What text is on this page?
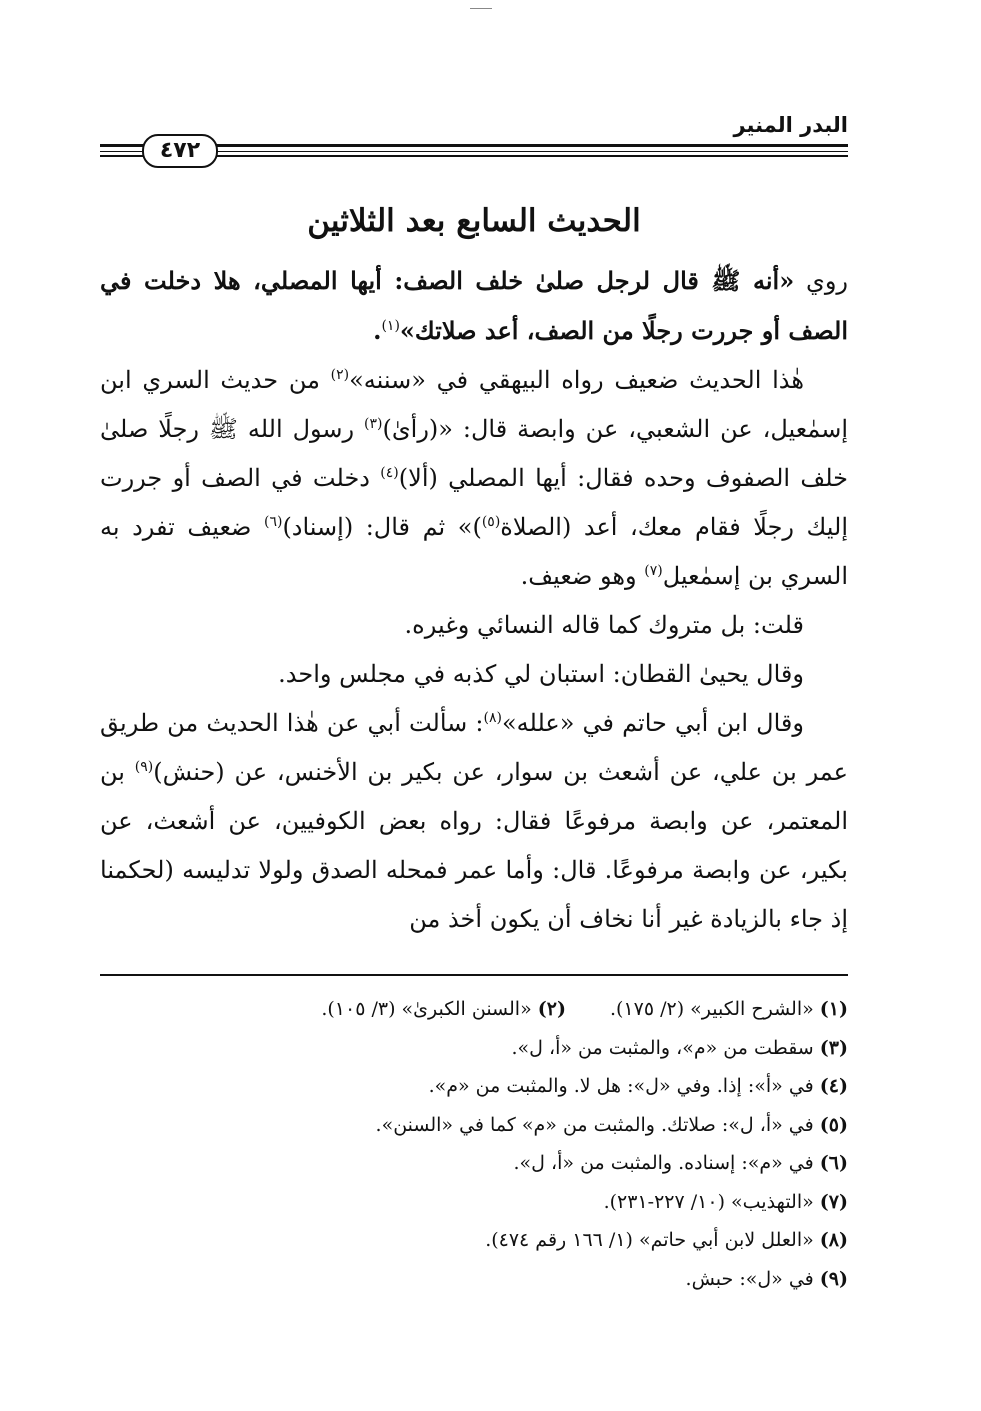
البدر المنير
٤٧٢
الحديث السابع بعد الثلاثين

روي «أنه ﷺ قال لرجل صلىٰ خلف الصف: أيها المصلي، هلا دخلت في الصف أو جررت رجلًا من الصف، أعد صلاتك»$^{(١)}$.

هٰذا الحديث ضعيف رواه البيهقي في «سننه»$^{(٢)}$ من حديث السري ابن إسمٰعيل، عن الشعبي، عن وابصة قال: «(رأىٰ)$^{(٣)}$ رسول الله ﷺ رجلًا صلىٰ خلف الصفوف وحده فقال: أيها المصلي (ألا)$^{(٤)}$ دخلت في الصف أو جررت إليك رجلًا فقام معك، أعد (الصلاة$^{(٥)}$)» ثم قال: (إسناد)$^{(٦)}$ ضعيف تفرد به السري بن إسمٰعيل$^{(٧)}$ وهو ضعيف.

قلت: بل متروك كما قاله النسائي وغيره.

وقال يحيىٰ القطان: استبان لي كذبه في مجلس واحد.

وقال ابن أبي حاتم في «علله»$^{(٨)}$: سألت أبي عن هٰذا الحديث من طريق عمر بن علي، عن أشعث بن سوار، عن بكير بن الأخنس، عن (حنش)$^{(٩)}$ بن المعتمر، عن وابصة مرفوعًا فقال: رواه بعض الكوفيين، عن أشعث، عن بكير، عن وابصة مرفوعًا. قال: وأما عمر فمحله الصدق ولولا تدليسه (لحكمنا إذ جاء بالزيادة غير أنا نخاف أن يكون أخذ من

(١) «الشرح الكبير» (٢/ ١٧٥).(٢) «السنن الكبرىٰ» (٣/ ١٠٥).

(٣) سقطت من «م»، والمثبت من «أ، ل».

(٤) في «أ»: إذا. وفي «ل»: هل لا. والمثبت من «م».

(٥) في «أ، ل»: صلاتك. والمثبت من «م» كما في «السنن».

(٦) في «م»: إسناده. والمثبت من «أ، ل».

(٧) «التهذيب» (١٠/ ٢٢٧-٢٣١).

(٨) «العلل لابن أبي حاتم» (١/ ١٦٦ رقم ٤٧٤).

(٩) في «ل»: حبش.
